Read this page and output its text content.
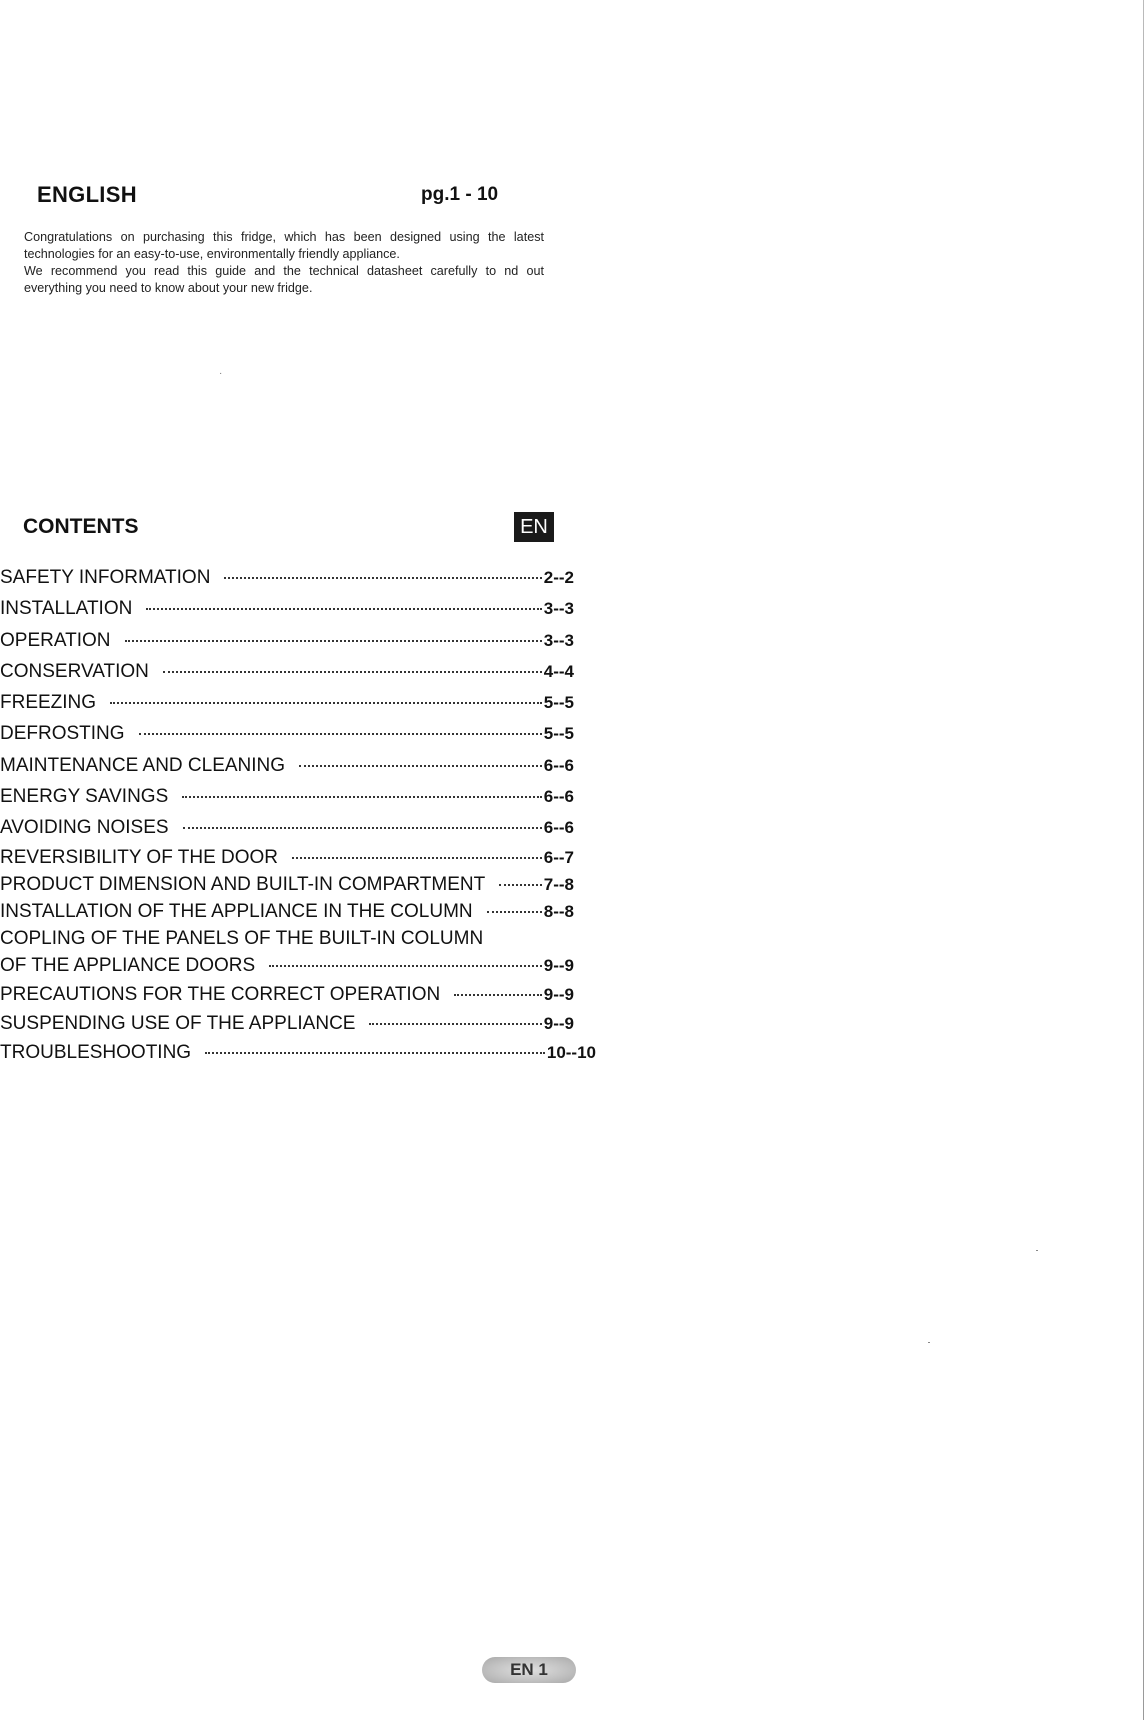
ENGLISH	pg.1 - 10

Congratulations on purchasing this fridge, which has been designed using the latest technologies for an easy-to-use, environmentally friendly appliance.

We recommend you read this guide and the technical datasheet carefully to nd out everything you need to know about your new fridge.

·
CONTENTS	EN
SAFETY INFORMATION	2--2
INSTALLATION	3--3
OPERATION	3--3
CONSERVATION	4--4
FREEZING	5--5
DEFROSTING	5--5
MAINTENANCE AND CLEANING	6--6
ENERGY SAVINGS	6--6
AVOIDING NOISES	6--6
REVERSIBILITY OF THE DOOR	6--7
PRODUCT DIMENSION AND BUILT-IN COMPARTMENT	7--8
INSTALLATION OF THE APPLIANCE IN THE COLUMN	8--8
COPLING OF THE PANELS OF THE BUILT-IN COLUMN
OF THE APPLIANCE DOORS	9--9
PRECAUTIONS FOR THE CORRECT OPERATION	9--9
SUSPENDING USE OF THE APPLIANCE	9--9
TROUBLESHOOTING	10--10
EN 1
